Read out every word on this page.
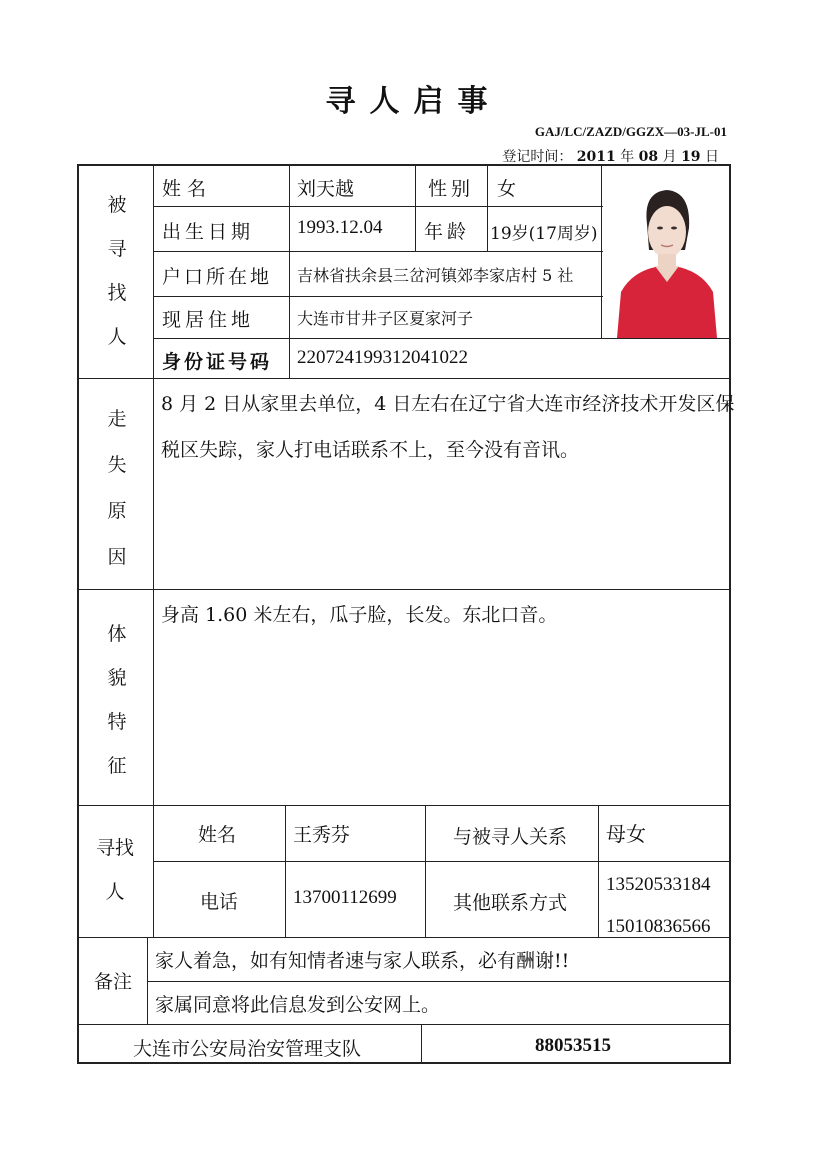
寻人启事
GAJ/LC/ZAZD/GGZX—03-JL-01
登记时间： 2011 年 08 月 19 日
被
寻
找
人
姓名	刘天越	性别 女
出生日期 1993.12.04 年龄 19岁(17周岁)
户口所在地 吉林省扶余县三岔河镇郊李家店村 5 社
现居住地	大连市甘井子区夏家河子
身份证号码 220724199312041022
走
失
原
因
8 月 2 日从家里去单位，4 日左右在辽宁省大连市经济技术开发区保
税区失踪，家人打电话联系不上，至今没有音讯。
体
貌
特
征
身高 1.60 米左右，瓜子脸，长发。东北口音。
寻找
人
姓名	王秀芬	与被寻人关系 母女
电话	13700112699	其他联系方式
13520533184
15010836566
备注
家人着急，如有知情者速与家人联系，必有酬谢!!
家属同意将此信息发到公安网上。
大连市公安局治安管理支队	88053515
